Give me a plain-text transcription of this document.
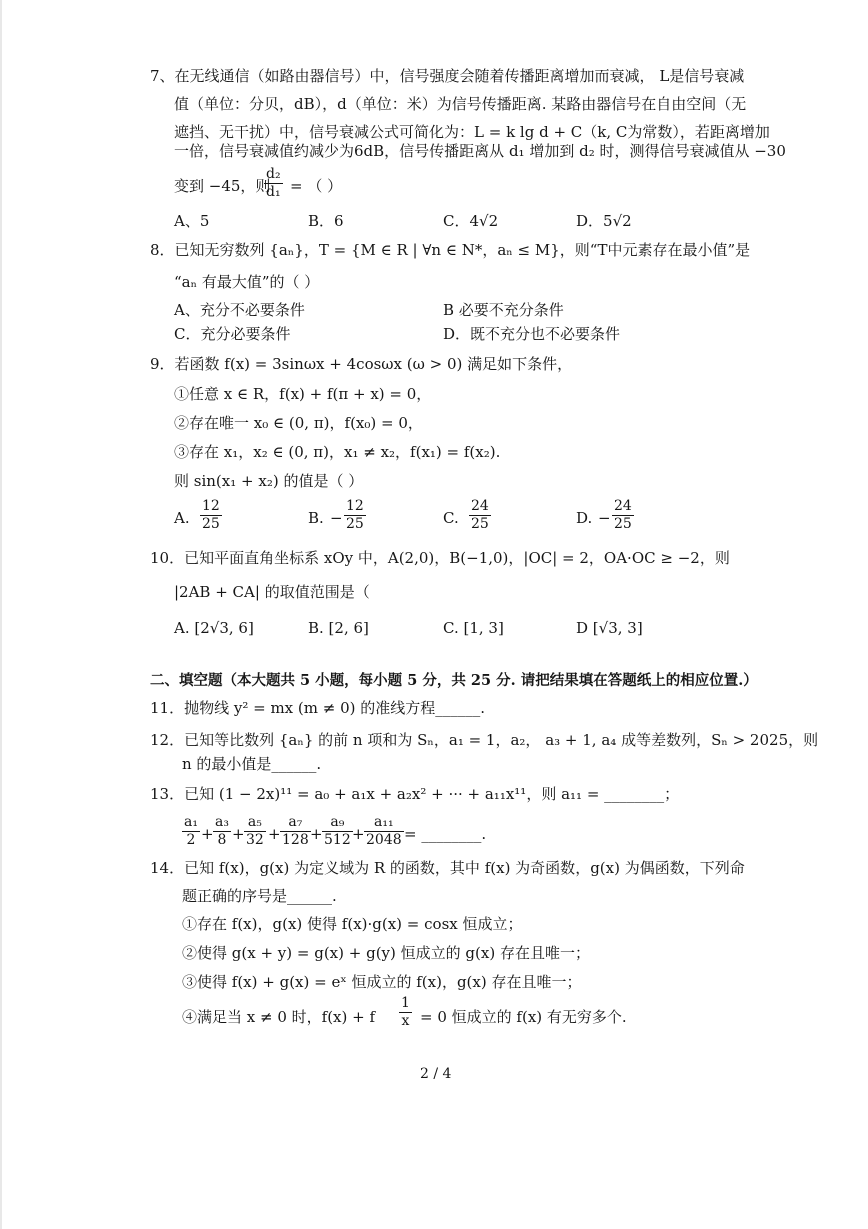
7、在无线通信（如路由器信号）中，信号强度会随着传播距离增加而衰减， L是信号衰减
值（单位：分贝，dB），d（单位：米）为信号传播距离. 某路由器信号在自由空间（无
遮挡、无干扰）中，信号衰减公式可简化为：L = k lg d + C（k, C为常数），若距离增加
一倍，信号衰减值约减少为6dB，信号传播距离从 d₁ 增加到 d₂ 时，测得信号衰减值从 −30
变到 −45，则
$\frac{\text{d₂}}{\text{d₁}}$ = （ ）
A、5	B．6	C．4√2	D．5√2
8．已知无穷数列 {aₙ}，T = {M ∈ R | ∀n ∈ N*，aₙ ≤ M}，则“T中元素存在最小值”是
“aₙ 有最大值”的（ ）
A、充分不必要条件	B 必要不充分条件
C．充分必要条件	D．既不充分也不必要条件
9．若函数 f(x) = 3sinωx + 4cosωx (ω > 0) 满足如下条件，
①任意 x ∈ R，f(x) + f(π + x) = 0，
②存在唯一 x₀ ∈ (0, π)，f(x₀) = 0，
③存在 x₁，x₂ ∈ (0, π)，x₁ ≠ x₂，f(x₁) = f(x₂).
则 sin(x₁ + x₂) 的值是（ ）
A. $\frac{12}{25}$	B. − $\frac{12}{25}$	C. $\frac{24}{25}$	D. − $\frac{24}{25}$
10．已知平面直角坐标系 xOy 中，A(2,0)，B(−1,0)，|OC| = 2，OA·OC ≥ −2，则
|2AB + CA| 的取值范围是（
A. [2√3, 6]	B. [2, 6]	C. [1, 3]	D [√3, 3]
二、填空题（本大题共 5 小题，每小题 5 分，共 25 分. 请把结果填在答题纸上的相应位置.）
11．抛物线 y² = mx (m ≠ 0) 的准线方程______.
12．已知等比数列 {aₙ} 的前 n 项和为 Sₙ，a₁ = 1，a₂， a₃ + 1, a₄ 成等差数列，Sₙ > 2025，则
n 的最小值是______.
13．已知 (1 − 2x)¹¹ = a₀ + a₁x + a₂x² + ··· + a₁₁x¹¹，则 a₁₁ = ________；
$\frac{\text{a₁}}{2} + \frac{\text{a₃}}{8} + \frac{\text{a₅}}{32} + \frac{\text{a₇}}{128} + \frac{\text{a₉}}{512} + \frac{\text{a₁₁}}{2048}$ = ________.
14．已知 f(x)，g(x) 为定义域为 R 的函数，其中 f(x) 为奇函数，g(x) 为偶函数，下列命
题正确的序号是______.
①存在 f(x)，g(x) 使得 f(x)·g(x) = cosx 恒成立；
②使得 g(x + y) = g(x) + g(y) 恒成立的 g(x) 存在且唯一；
③使得 f(x) + g(x) = eˣ 恒成立的 f(x)，g(x) 存在且唯一；
④满足当 x ≠ 0 时，f(x) + f $\frac{1}{x} = 0$ 恒成立的 f(x) 有无穷多个.
2 / 4
